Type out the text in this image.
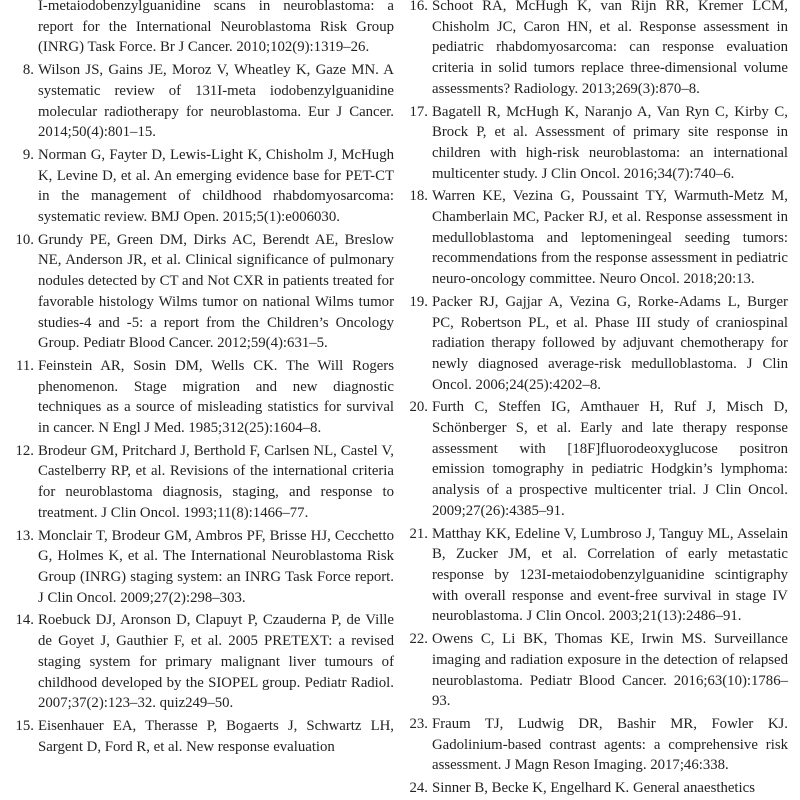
I-metaiodobenzylguanidine scans in neuroblastoma: a report for the International Neuroblastoma Risk Group (INRG) Task Force. Br J Cancer. 2010;102(9):1319–26.

8. Wilson JS, Gains JE, Moroz V, Wheatley K, Gaze MN. A systematic review of 131I-meta iodobenzylguanidine molecular radiotherapy for neuroblastoma. Eur J Cancer. 2014;50(4):801–15.

9. Norman G, Fayter D, Lewis-Light K, Chisholm J, McHugh K, Levine D, et al. An emerging evidence base for PET-CT in the management of childhood rhabdomyosarcoma: systematic review. BMJ Open. 2015;5(1):e006030.

10. Grundy PE, Green DM, Dirks AC, Berendt AE, Breslow NE, Anderson JR, et al. Clinical significance of pulmonary nodules detected by CT and Not CXR in patients treated for favorable histology Wilms tumor on national Wilms tumor studies-4 and -5: a report from the Children’s Oncology Group. Pediatr Blood Cancer. 2012;59(4):631–5.

11. Feinstein AR, Sosin DM, Wells CK. The Will Rogers phenomenon. Stage migration and new diagnostic techniques as a source of misleading statistics for survival in cancer. N Engl J Med. 1985;312(25):1604–8.

12. Brodeur GM, Pritchard J, Berthold F, Carlsen NL, Castel V, Castelberry RP, et al. Revisions of the international criteria for neuroblastoma diagnosis, staging, and response to treatment. J Clin Oncol. 1993;11(8):1466–77.

13. Monclair T, Brodeur GM, Ambros PF, Brisse HJ, Cecchetto G, Holmes K, et al. The International Neuroblastoma Risk Group (INRG) staging system: an INRG Task Force report. J Clin Oncol. 2009;27(2):298–303.

14. Roebuck DJ, Aronson D, Clapuyt P, Czauderna P, de Ville de Goyet J, Gauthier F, et al. 2005 PRETEXT: a revised staging system for primary malignant liver tumours of childhood developed by the SIOPEL group. Pediatr Radiol. 2007;37(2):123–32. quiz249–50.

15. Eisenhauer EA, Therasse P, Bogaerts J, Schwartz LH, Sargent D, Ford R, et al. New response evaluation

16. Schoot RA, McHugh K, van Rijn RR, Kremer LCM, Chisholm JC, Caron HN, et al. Response assessment in pediatric rhabdomyosarcoma: can response evaluation criteria in solid tumors replace three-dimensional volume assessments? Radiology. 2013;269(3):870–8.

17. Bagatell R, McHugh K, Naranjo A, Van Ryn C, Kirby C, Brock P, et al. Assessment of primary site response in children with high-risk neuroblastoma: an international multicenter study. J Clin Oncol. 2016;34(7):740–6.

18. Warren KE, Vezina G, Poussaint TY, Warmuth-Metz M, Chamberlain MC, Packer RJ, et al. Response assessment in medulloblastoma and leptomeningeal seeding tumors: recommendations from the response assessment in pediatric neuro-oncology committee. Neuro Oncol. 2018;20:13.

19. Packer RJ, Gajjar A, Vezina G, Rorke-Adams L, Burger PC, Robertson PL, et al. Phase III study of craniospinal radiation therapy followed by adjuvant chemotherapy for newly diagnosed average-risk medulloblastoma. J Clin Oncol. 2006;24(25):4202–8.

20. Furth C, Steffen IG, Amthauer H, Ruf J, Misch D, Schönberger S, et al. Early and late therapy response assessment with [18F]fluorodeoxyglucose positron emission tomography in pediatric Hodgkin’s lymphoma: analysis of a prospective multicenter trial. J Clin Oncol. 2009;27(26):4385–91.

21. Matthay KK, Edeline V, Lumbroso J, Tanguy ML, Asselain B, Zucker JM, et al. Correlation of early metastatic response by 123I-metaiodobenzylguanidine scintigraphy with overall response and event-free survival in stage IV neuroblastoma. J Clin Oncol. 2003;21(13):2486–91.

22. Owens C, Li BK, Thomas KE, Irwin MS. Surveillance imaging and radiation exposure in the detection of relapsed neuroblastoma. Pediatr Blood Cancer. 2016;63(10):1786–93.

23. Fraum TJ, Ludwig DR, Bashir MR, Fowler KJ. Gadolinium-based contrast agents: a comprehensive risk assessment. J Magn Reson Imaging. 2017;46:338.

24. Sinner B, Becke K, Engelhard K. General anaesthetics
